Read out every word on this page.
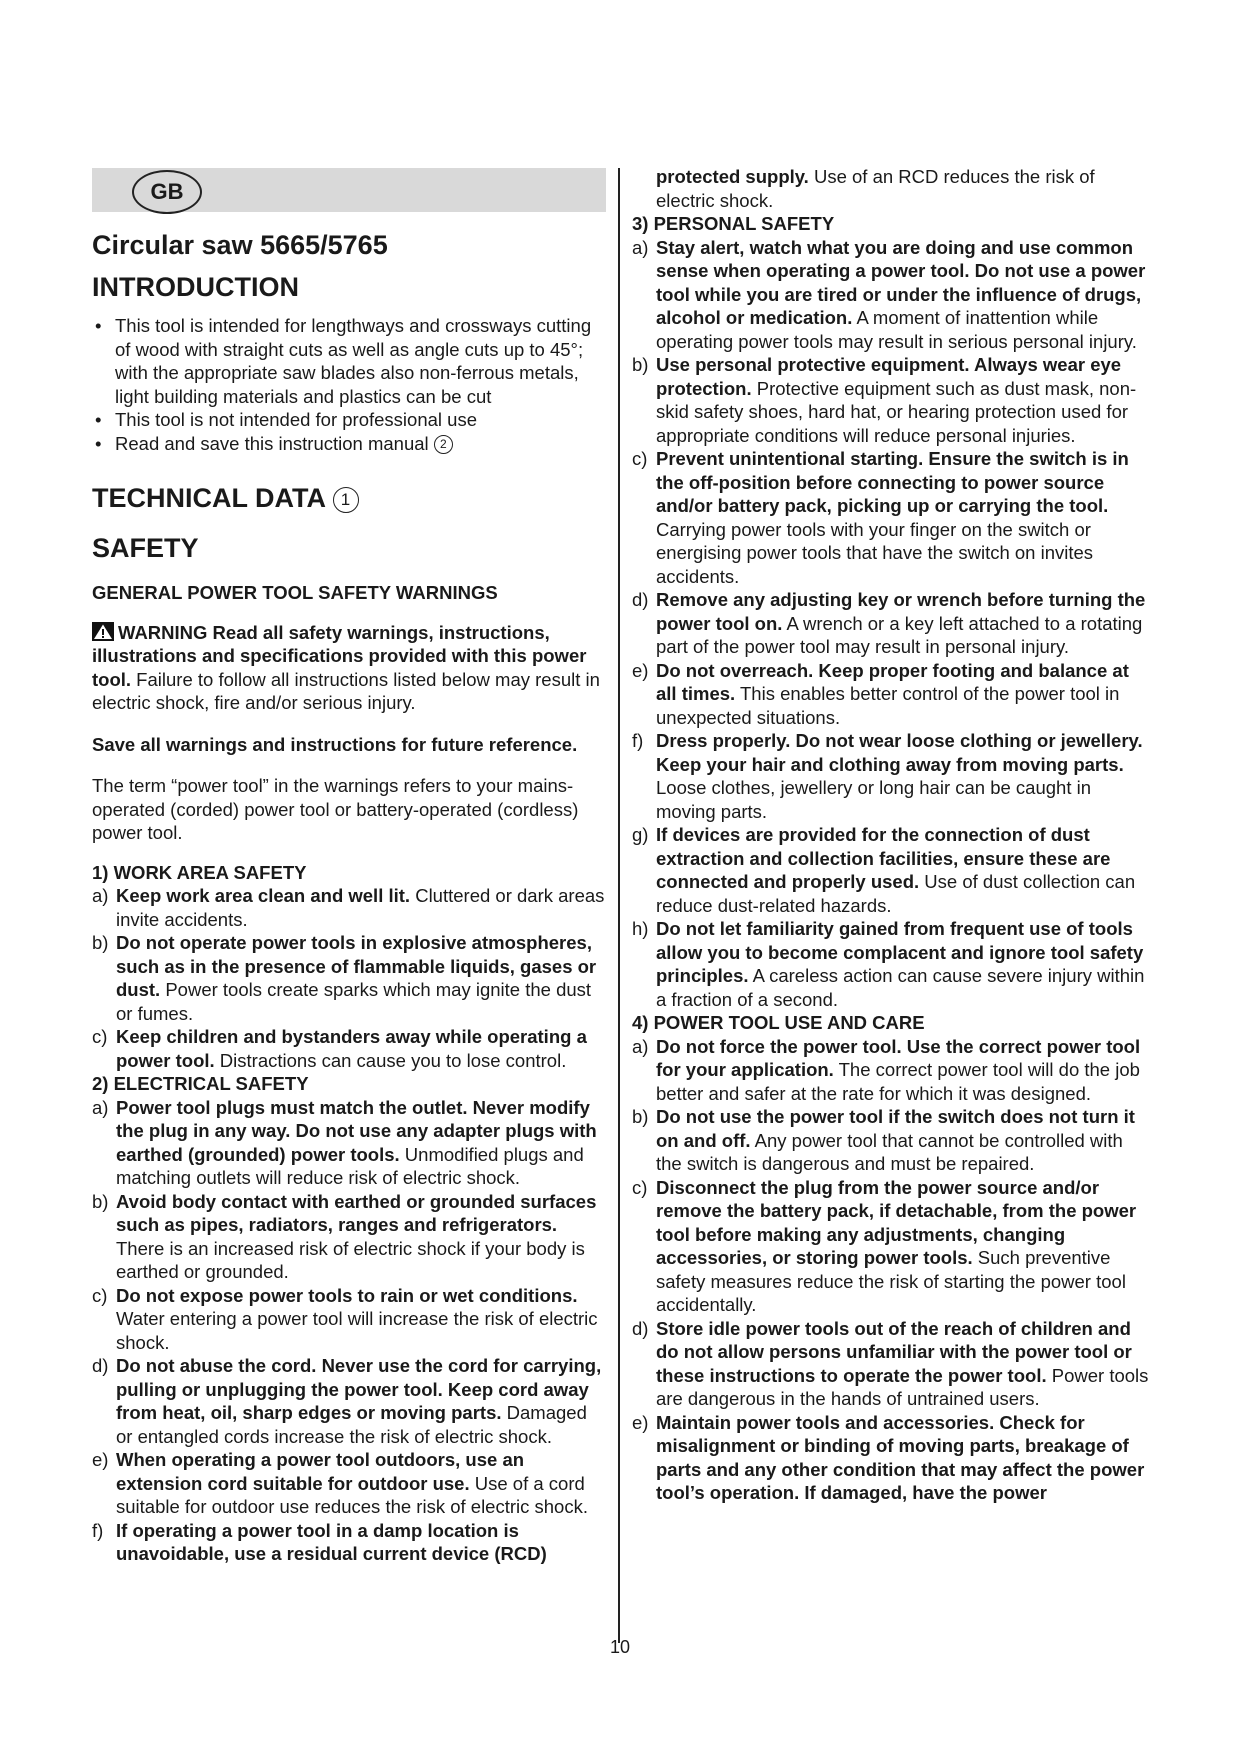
GB
Circular saw 5665/5765
INTRODUCTION
• This tool is intended for lengthways and crossways cutting of wood with straight cuts as well as angle cuts up to 45°; with the appropriate saw blades also non-ferrous metals, light building materials and plastics can be cut
• This tool is not intended for professional use
• Read and save this instruction manual 2
TECHNICAL DATA 1
SAFETY

GENERAL POWER TOOL SAFETY WARNINGS

WARNING Read all safety warnings, instructions, illustrations and specifications provided with this power tool. Failure to follow all instructions listed below may result in electric shock, fire and/or serious injury.

Save all warnings and instructions for future reference.

The term “power tool” in the warnings refers to your mains-operated (corded) power tool or battery-operated (cordless) power tool.

1) WORK AREA SAFETY

a) Keep work area clean and well lit. Cluttered or dark areas invite accidents.
b) Do not operate power tools in explosive atmospheres, such as in the presence of flammable liquids, gases or dust. Power tools create sparks which may ignite the dust or fumes.
c) Keep children and bystanders away while operating a power tool. Distractions can cause you to lose control.

2) ELECTRICAL SAFETY

a) Power tool plugs must match the outlet. Never modify the plug in any way. Do not use any adapter plugs with earthed (grounded) power tools. Unmodified plugs and matching outlets will reduce risk of electric shock.
b) Avoid body contact with earthed or grounded surfaces such as pipes, radiators, ranges and refrigerators. There is an increased risk of electric shock if your body is earthed or grounded.
c) Do not expose power tools to rain or wet conditions. Water entering a power tool will increase the risk of electric shock.
d) Do not abuse the cord. Never use the cord for carrying, pulling or unplugging the power tool. Keep cord away from heat, oil, sharp edges or moving parts. Damaged or entangled cords increase the risk of electric shock.
e) When operating a power tool outdoors, use an extension cord suitable for outdoor use. Use of a cord suitable for outdoor use reduces the risk of electric shock.
f) If operating a power tool in a damp location is unavoidable, use a residual current device (RCD)
protected supply. Use of an RCD reduces the risk of electric shock.

3) PERSONAL SAFETY

a) Stay alert, watch what you are doing and use common sense when operating a power tool. Do not use a power tool while you are tired or under the influence of drugs, alcohol or medication. A moment of inattention while operating power tools may result in serious personal injury.
b) Use personal protective equipment. Always wear eye protection. Protective equipment such as dust mask, non-skid safety shoes, hard hat, or hearing protection used for appropriate conditions will reduce personal injuries.
c) Prevent unintentional starting. Ensure the switch is in the off-position before connecting to power source and/or battery pack, picking up or carrying the tool. Carrying power tools with your finger on the switch or energising power tools that have the switch on invites accidents.
d) Remove any adjusting key or wrench before turning the power tool on. A wrench or a key left attached to a rotating part of the power tool may result in personal injury.
e) Do not overreach. Keep proper footing and balance at all times. This enables better control of the power tool in unexpected situations.
f) Dress properly. Do not wear loose clothing or jewellery. Keep your hair and clothing away from moving parts. Loose clothes, jewellery or long hair can be caught in moving parts.
g) If devices are provided for the connection of dust extraction and collection facilities, ensure these are connected and properly used. Use of dust collection can reduce dust-related hazards.
h) Do not let familiarity gained from frequent use of tools allow you to become complacent and ignore tool safety principles. A careless action can cause severe injury within a fraction of a second.

4) POWER TOOL USE AND CARE

a) Do not force the power tool. Use the correct power tool for your application. The correct power tool will do the job better and safer at the rate for which it was designed.
b) Do not use the power tool if the switch does not turn it on and off. Any power tool that cannot be controlled with the switch is dangerous and must be repaired.
c) Disconnect the plug from the power source and/or remove the battery pack, if detachable, from the power tool before making any adjustments, changing accessories, or storing power tools. Such preventive safety measures reduce the risk of starting the power tool accidentally.
d) Store idle power tools out of the reach of children and do not allow persons unfamiliar with the power tool or these instructions to operate the power tool. Power tools are dangerous in the hands of untrained users.
e) Maintain power tools and accessories. Check for misalignment or binding of moving parts, breakage of parts and any other condition that may affect the power tool’s operation. If damaged, have the power
10
